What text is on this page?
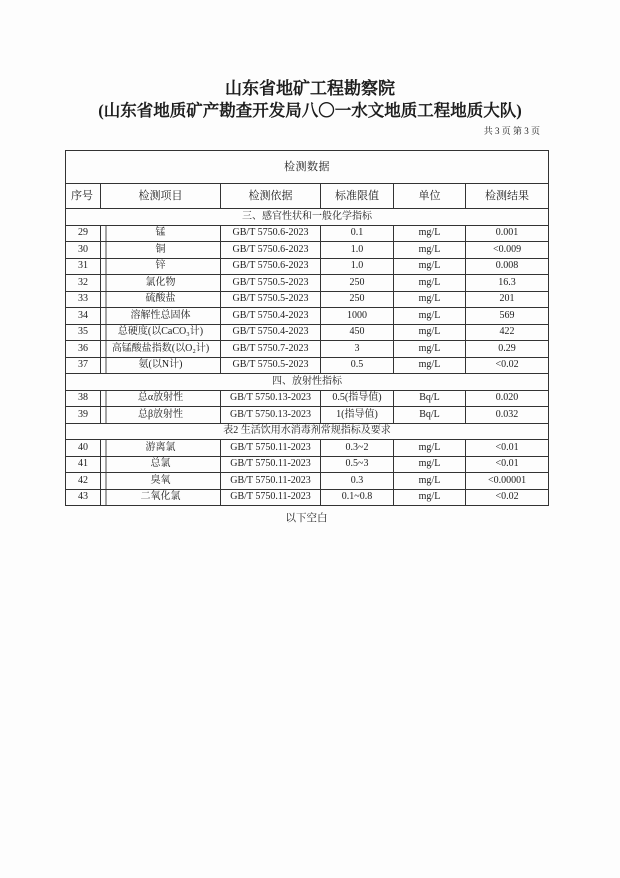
山东省地矿工程勘察院
(山东省地质矿产勘查开发局八〇一水文地质工程地质大队)
共 3 页 第 3 页
检测数据					
序号	检测项目	检测依据	标准限值	单位	检测结果
三、感官性状和一般化学指标					
29	锰	GB/T 5750.6-2023	0.1	mg/L	0.001
30	铜	GB/T 5750.6-2023	1.0	mg/L	<0.009
31	锌	GB/T 5750.6-2023	1.0	mg/L	0.008
32	氯化物	GB/T 5750.5-2023	250	mg/L	16.3
33	硫酸盐	GB/T 5750.5-2023	250	mg/L	201
34	溶解性总固体	GB/T 5750.4-2023	1000	mg/L	569
35	总硬度(以CaCO₃计)	GB/T 5750.4-2023	450	mg/L	422
36	高锰酸盐指数(以O₂计)	GB/T 5750.7-2023	3	mg/L	0.29
37	氨(以N计)	GB/T 5750.5-2023	0.5	mg/L	<0.02
四、放射性指标					
38	总α放射性	GB/T 5750.13-2023	0.5(指导值)	Bq/L	0.020
39	总β放射性	GB/T 5750.13-2023	1(指导值)	Bq/L	0.032
表2 生活饮用水消毒剂常规指标及要求					
40	游离氯	GB/T 5750.11-2023	0.3~2	mg/L	<0.01
41	总氯	GB/T 5750.11-2023	0.5~3	mg/L	<0.01
42	臭氧	GB/T 5750.11-2023	0.3	mg/L	<0.00001
43	二氧化氯	GB/T 5750.11-2023	0.1~0.8	mg/L	<0.02
以下空白
